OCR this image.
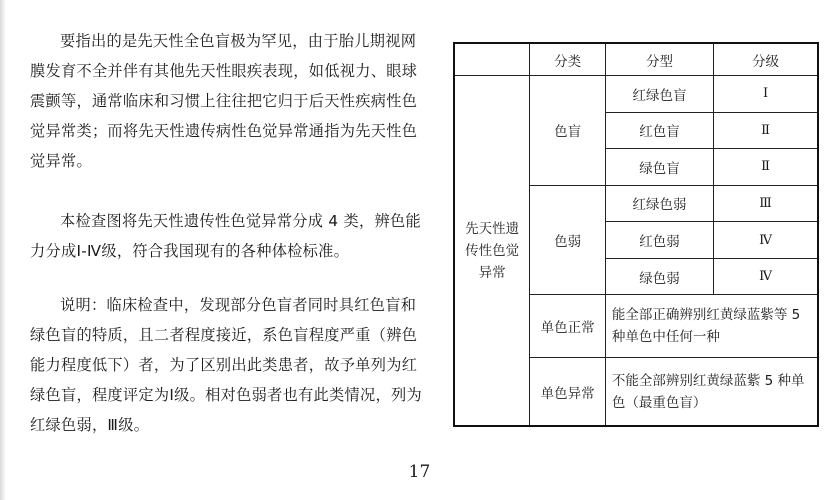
要指出的是先天性全色盲极为罕见，由于胎儿期视网膜发育不全并伴有其他先天性眼疾表现，如低视力、眼球震颤等，通常临床和习惯上往往把它归于后天性疾病性色觉异常类；而将先天性遗传病性色觉异常通指为先天性色觉异常。

本检查图将先天性遗传性色觉异常分成 4 类，辨色能力分成Ⅰ-Ⅳ级，符合我国现有的各种体检标准。

说明：临床检查中，发现部分色盲者同时具红色盲和绿色盲的特质，且二者程度接近，系色盲程度严重（辨色能力程度低下）者，为了区别出此类患者，故予单列为红绿色盲，程度评定为Ⅰ级。相对色弱者也有此类情况，列为红绿色弱，Ⅲ级。

	分类	分型	分级

先天性遗传性色觉异常	色盲	红绿色盲	Ⅰ
		红色盲	Ⅱ
		绿色盲	Ⅱ
	色弱	红绿色弱	Ⅲ
		红色弱	Ⅳ
		绿色弱	Ⅳ
	单色正常	能全部正确辨别红黄绿蓝紫等 5 种单色中任何一种	
	单色异常	不能全部辨别红黄绿蓝紫 5 种单色（最重色盲）	
17
